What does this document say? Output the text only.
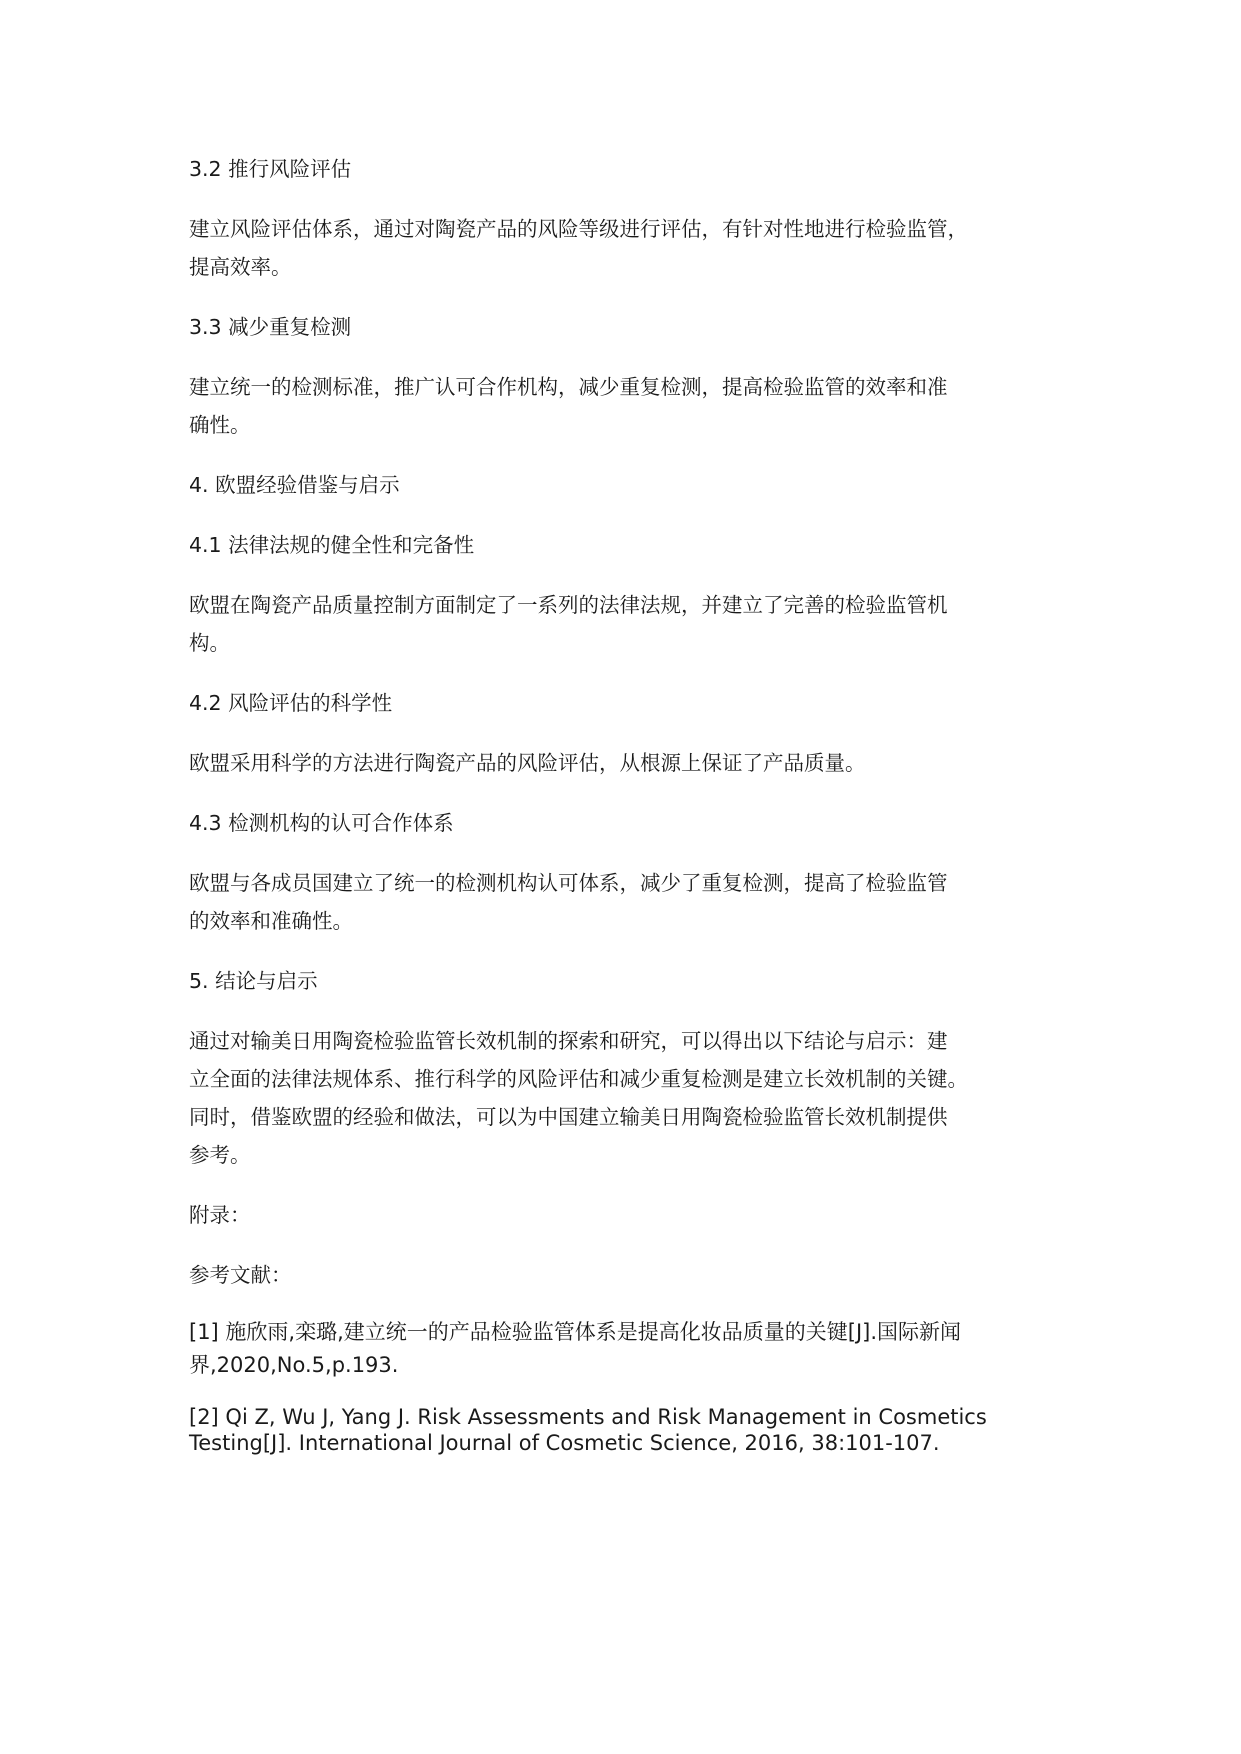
3.2 推行风险评估
建立风险评估体系，通过对陶瓷产品的风险等级进行评估，有针对性地进行检验监管，
提高效率。
3.3 减少重复检测
建立统一的检测标准，推广认可合作机构，减少重复检测，提高检验监管的效率和准
确性。
4. 欧盟经验借鉴与启示
4.1 法律法规的健全性和完备性
欧盟在陶瓷产品质量控制方面制定了一系列的法律法规，并建立了完善的检验监管机
构。
4.2 风险评估的科学性
欧盟采用科学的方法进行陶瓷产品的风险评估，从根源上保证了产品质量。
4.3 检测机构的认可合作体系
欧盟与各成员国建立了统一的检测机构认可体系，减少了重复检测，提高了检验监管
的效率和准确性。
5. 结论与启示
通过对输美日用陶瓷检验监管长效机制的探索和研究，可以得出以下结论与启示：建
立全面的法律法规体系、推行科学的风险评估和减少重复检测是建立长效机制的关键。
同时，借鉴欧盟的经验和做法，可以为中国建立输美日用陶瓷检验监管长效机制提供
参考。
附录：
参考文献：
[1] 施欣雨,栾璐,建立统一的产品检验监管体系是提高化妆品质量的关键[J].国际新闻
界,2020,No.5,p.193.
[2] Qi Z, Wu J, Yang J. Risk Assessments and Risk Management in Cosmetics
Testing[J]. International Journal of Cosmetic Science, 2016, 38:101-107.
